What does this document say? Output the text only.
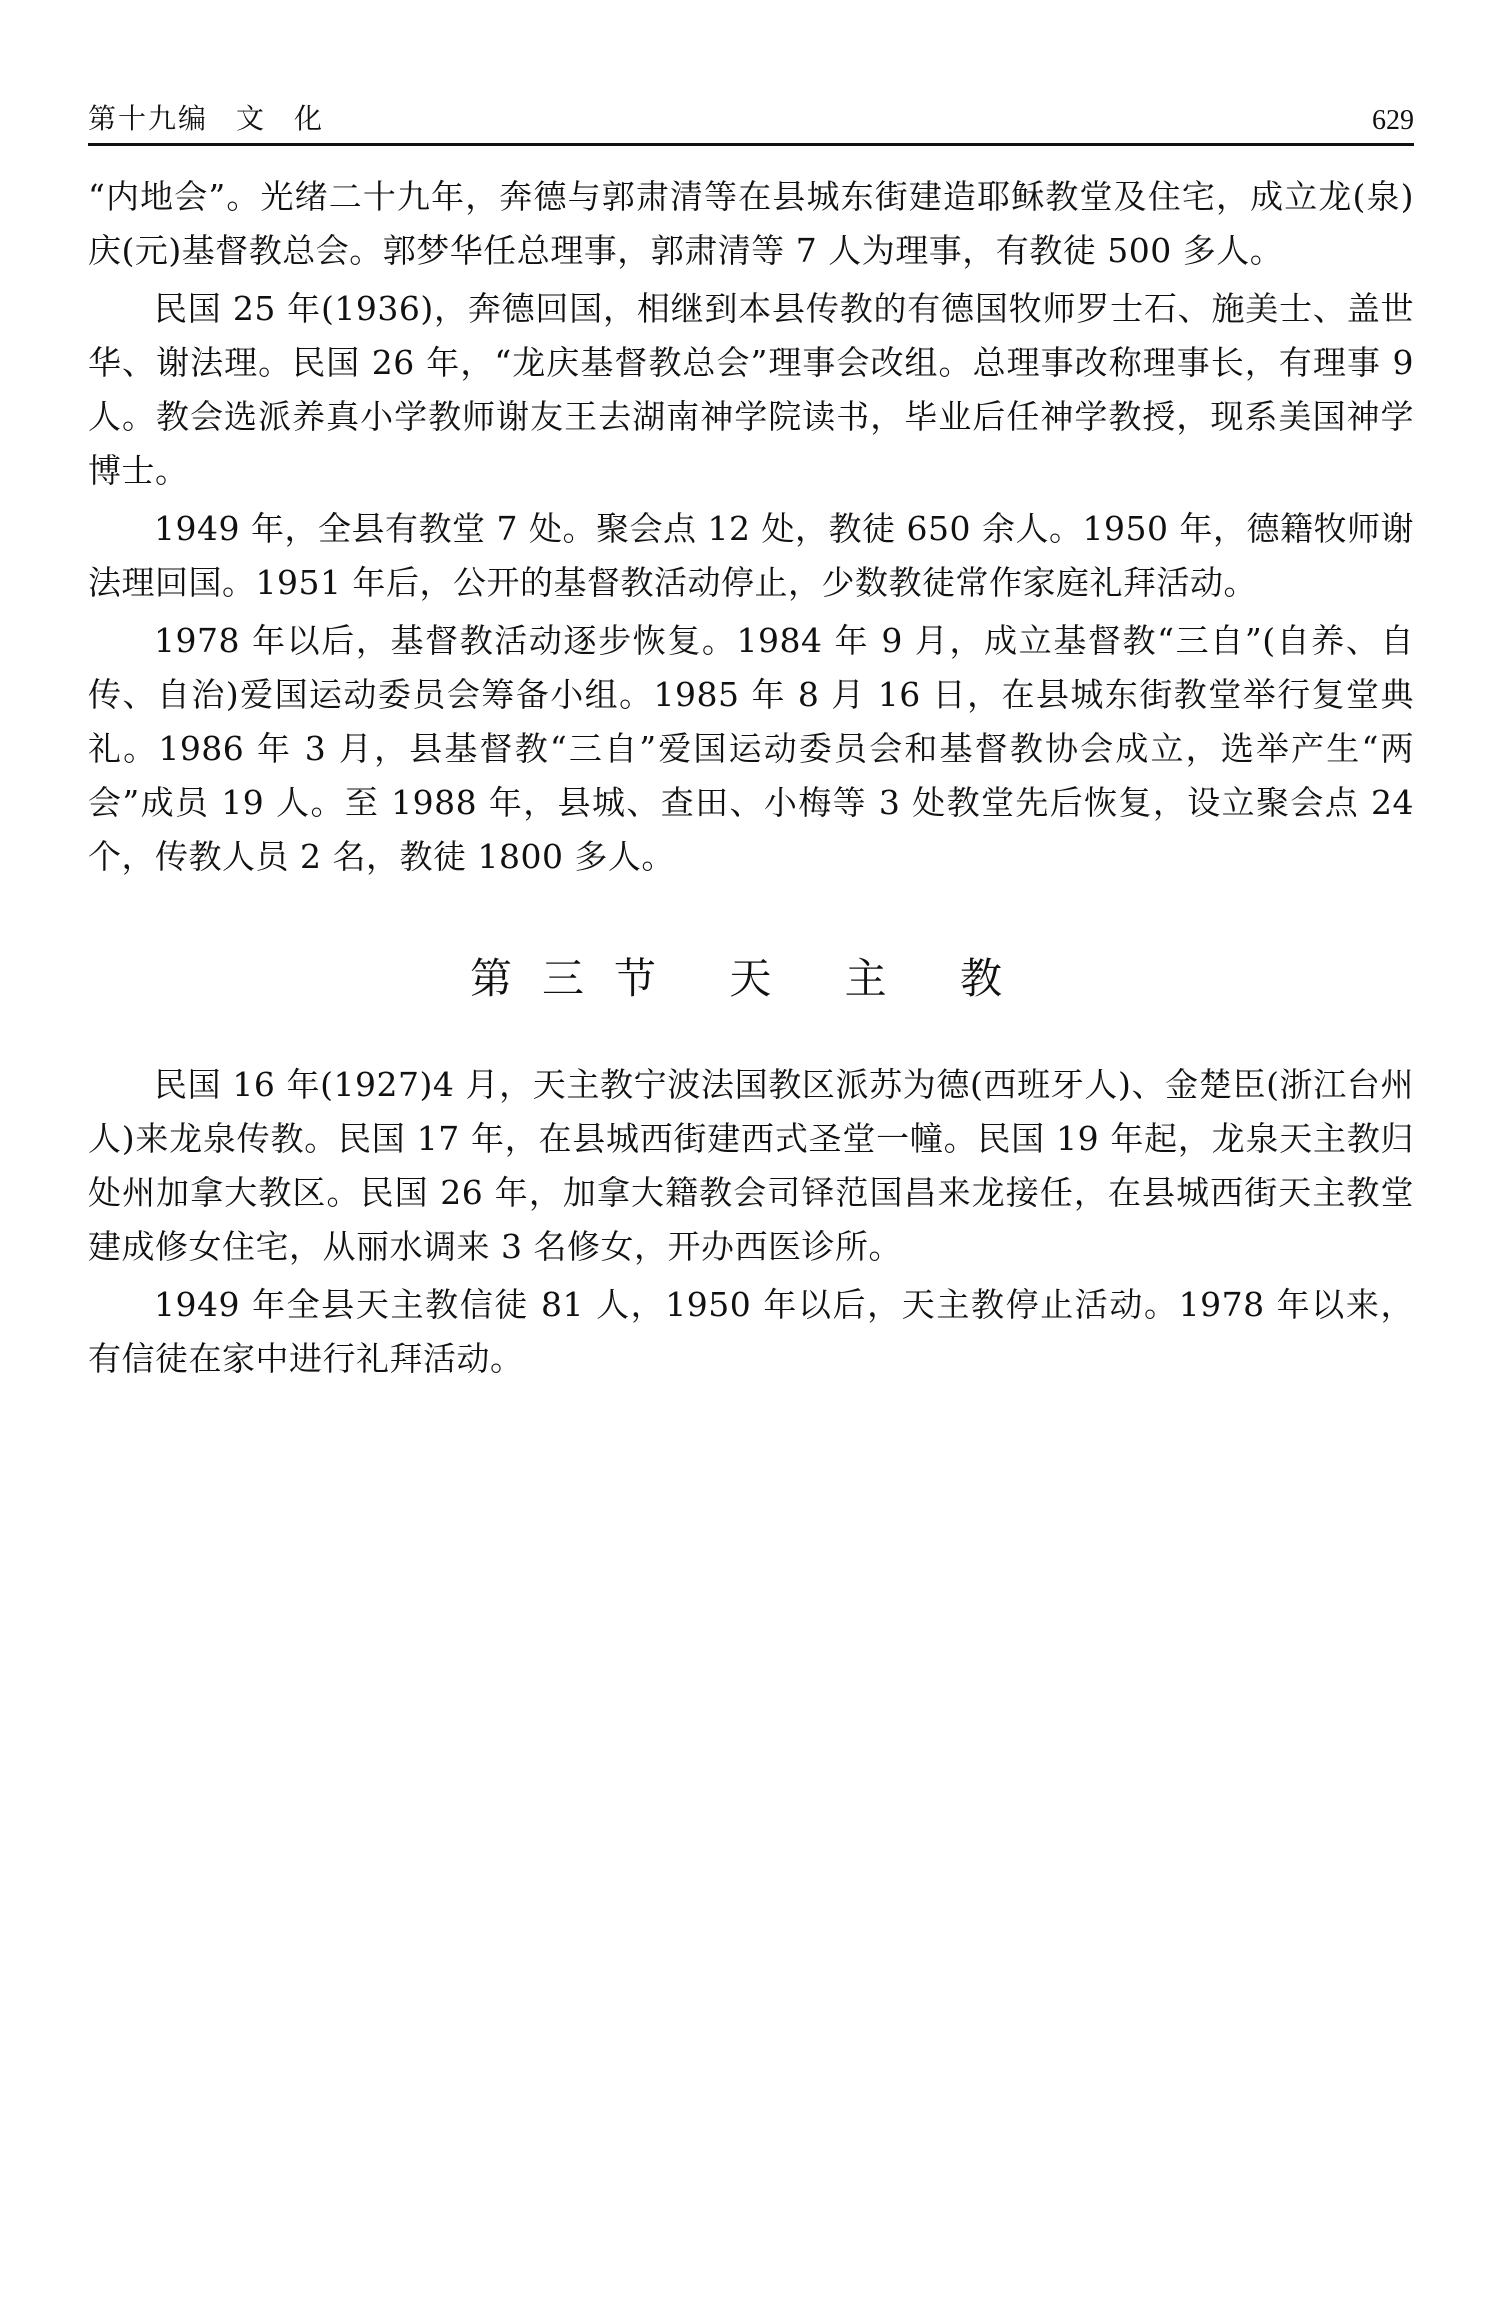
第十九编 文 化	629

“内地会”。光绪二十九年，奔德与郭肃清等在县城东街建造耶稣教堂及住宅，成立龙(泉)庆(元)基督教总会。郭梦华任总理事，郭肃清等 7 人为理事，有教徒 500 多人。

民国 25 年(1936)，奔德回国，相继到本县传教的有德国牧师罗士石、施美士、盖世华、谢法理。民国 26 年，“龙庆基督教总会”理事会改组。总理事改称理事长，有理事 9 人。教会选派养真小学教师谢友王去湖南神学院读书，毕业后任神学教授，现系美国神学博士。

1949 年，全县有教堂 7 处。聚会点 12 处，教徒 650 余人。1950 年，德籍牧师谢法理回国。1951 年后，公开的基督教活动停止，少数教徒常作家庭礼拜活动。

1978 年以后，基督教活动逐步恢复。1984 年 9 月，成立基督教“三自”(自养、自传、自治)爱国运动委员会筹备小组。1985 年 8 月 16 日，在县城东街教堂举行复堂典礼。1986 年 3 月，县基督教“三自”爱国运动委员会和基督教协会成立，选举产生“两会”成员 19 人。至 1988 年，县城、查田、小梅等 3 处教堂先后恢复，设立聚会点 24 个，传教人员 2 名，教徒 1800 多人。

第三节 天 主 教

民国 16 年(1927)4 月，天主教宁波法国教区派苏为德(西班牙人)、金楚臣(浙江台州人)来龙泉传教。民国 17 年，在县城西街建西式圣堂一幢。民国 19 年起，龙泉天主教归处州加拿大教区。民国 26 年，加拿大籍教会司铎范国昌来龙接任，在县城西街天主教堂建成修女住宅，从丽水调来 3 名修女，开办西医诊所。

1949 年全县天主教信徒 81 人，1950 年以后，天主教停止活动。1978 年以来，有信徒在家中进行礼拜活动。
